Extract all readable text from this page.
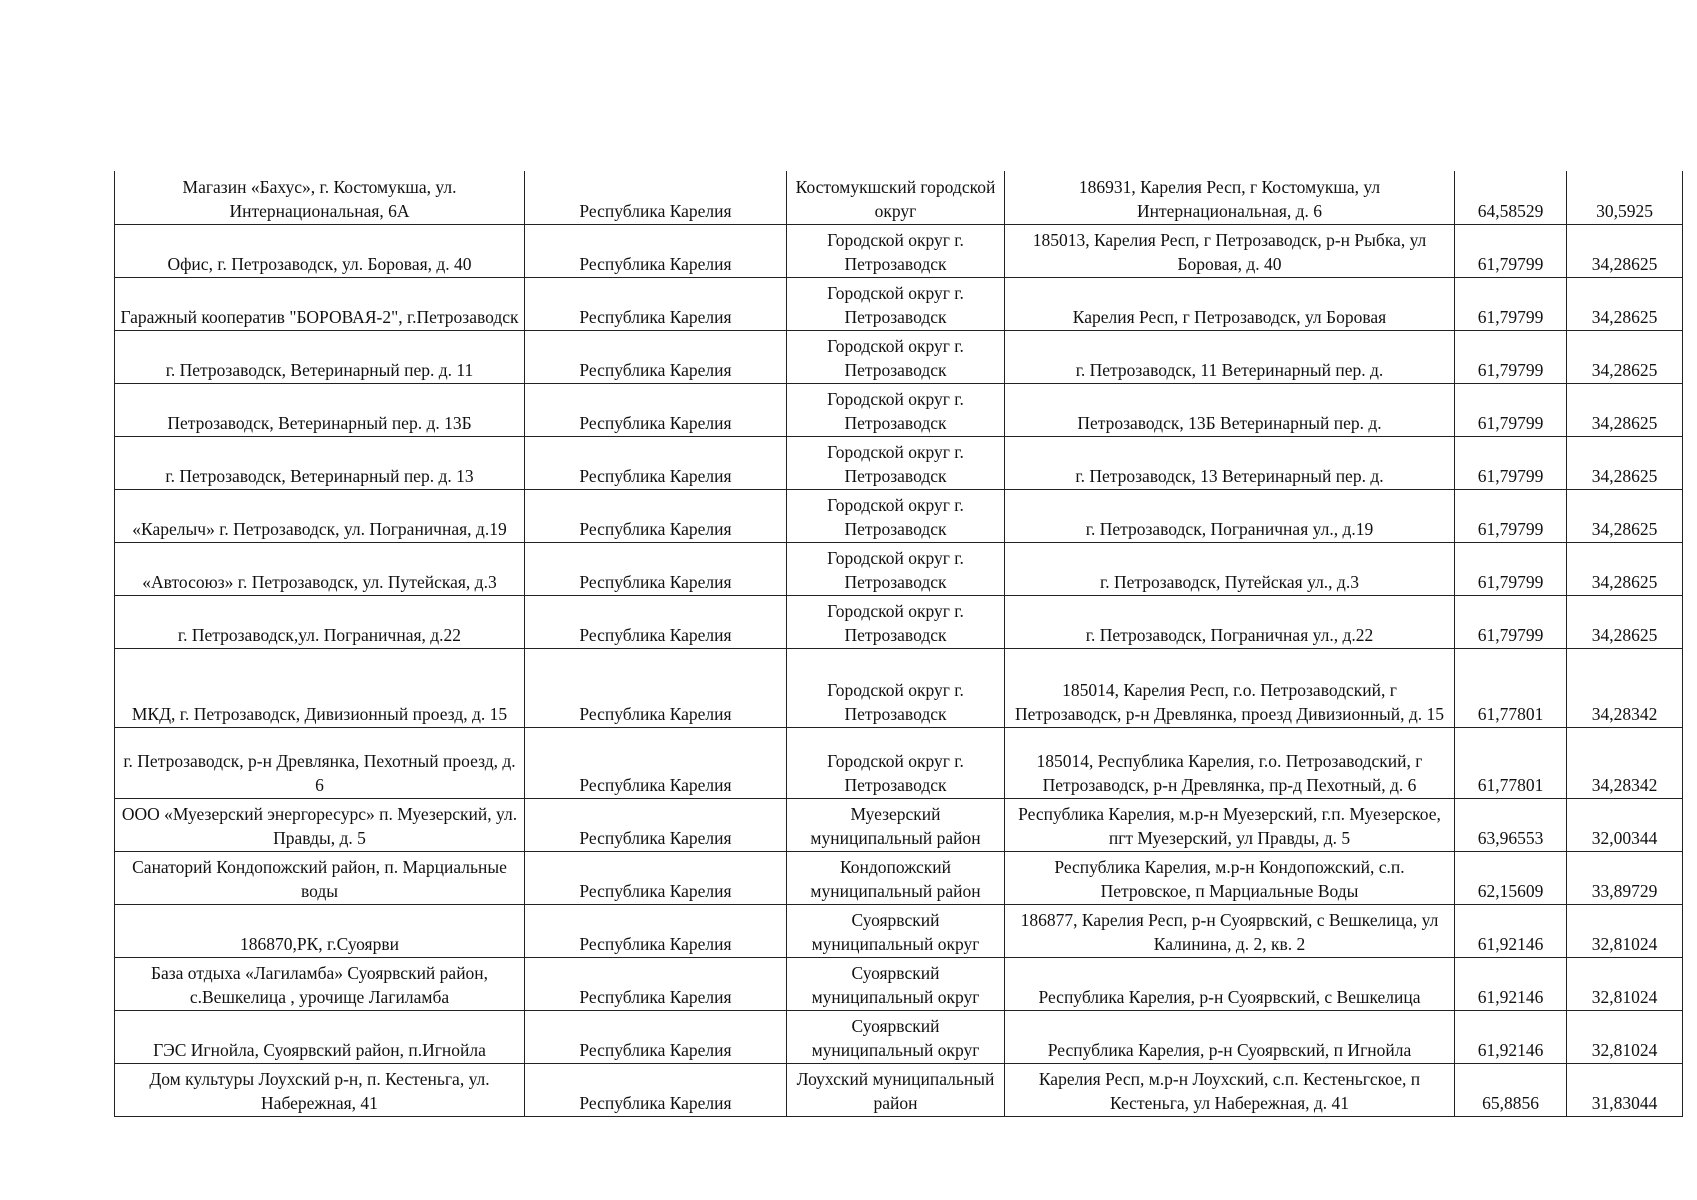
Магазин «Бахус», г. Костомукша, ул. Интернациональная, 6А	Республика Карелия	Костомукшский городской округ	186931, Карелия Респ, г Костомукша, ул Интернациональная, д. 6	64,58529	30,5925
Офис, г. Петрозаводск, ул. Боровая, д. 40	Республика Карелия	Городской округ г. Петрозаводск	185013, Карелия Респ, г Петрозаводск, р-н Рыбка, ул Боровая, д. 40	61,79799	34,28625
Гаражный кооператив "БОРОВАЯ-2", г.Петрозаводск	Республика Карелия	Городской округ г. Петрозаводск	Карелия Респ, г Петрозаводск, ул Боровая	61,79799	34,28625
г. Петрозаводск, Ветеринарный пер. д. 11	Республика Карелия	Городской округ г. Петрозаводск	г. Петрозаводск, 11 Ветеринарный пер. д.	61,79799	34,28625
Петрозаводск, Ветеринарный пер. д. 13Б	Республика Карелия	Городской округ г. Петрозаводск	Петрозаводск, 13Б Ветеринарный пер. д.	61,79799	34,28625
г. Петрозаводск, Ветеринарный пер. д. 13	Республика Карелия	Городской округ г. Петрозаводск	г. Петрозаводск, 13 Ветеринарный пер. д.	61,79799	34,28625
«Карелыч» г. Петрозаводск, ул. Пограничная, д.19	Республика Карелия	Городской округ г. Петрозаводск	г. Петрозаводск, Пограничная ул., д.19	61,79799	34,28625
«Автосоюз» г. Петрозаводск, ул. Путейская, д.3	Республика Карелия	Городской округ г. Петрозаводск	г. Петрозаводск, Путейская ул., д.3	61,79799	34,28625
г. Петрозаводск,ул. Пограничная, д.22	Республика Карелия	Городской округ г. Петрозаводск	г. Петрозаводск, Пограничная ул., д.22	61,79799	34,28625
МКД, г. Петрозаводск, Дивизионный проезд, д. 15	Республика Карелия	Городской округ г. Петрозаводск	185014, Карелия Респ, г.о. Петрозаводский, г Петрозаводск, р-н Древлянка, проезд Дивизионный, д. 15	61,77801	34,28342
г. Петрозаводск, р-н Древлянка, Пехотный проезд, д. 6	Республика Карелия	Городской округ г. Петрозаводск	185014, Республика Карелия, г.о. Петрозаводский, г Петрозаводск, р-н Древлянка, пр-д Пехотный, д. 6	61,77801	34,28342
ООО «Муезерский энергоресурс» п. Муезерский, ул. Правды, д. 5	Республика Карелия	Муезерский муниципальный район	Республика Карелия, м.р-н Муезерский, г.п. Муезерское, пгт Муезерский, ул Правды, д. 5	63,96553	32,00344
Санаторий Кондопожский район, п. Марциальные воды	Республика Карелия	Кондопожский муниципальный район	Республика Карелия, м.р-н Кондопожский, с.п. Петровское, п Марциальные Воды	62,15609	33,89729
186870,РК, г.Суоярви	Республика Карелия	Суоярвский муниципальный округ	186877, Карелия Респ, р-н Суоярвский, с Вешкелица, ул Калинина, д. 2, кв. 2	61,92146	32,81024
База отдыха «Лагиламба» Суоярвский район, с.Вешкелица , урочище Лагиламба	Республика Карелия	Суоярвский муниципальный округ	Республика Карелия, р-н Суоярвский, с Вешкелица	61,92146	32,81024
ГЭС Игнойла, Суоярвский район, п.Игнойла	Республика Карелия	Суоярвский муниципальный округ	Республика Карелия, р-н Суоярвский, п Игнойла	61,92146	32,81024
Дом культуры Лоухский р-н, п. Кестеньга, ул. Набережная, 41	Республика Карелия	Лоухский муниципальный район	Карелия Респ, м.р-н Лоухский, с.п. Кестеньгское, п Кестеньга, ул Набережная, д. 41	65,8856	31,83044
